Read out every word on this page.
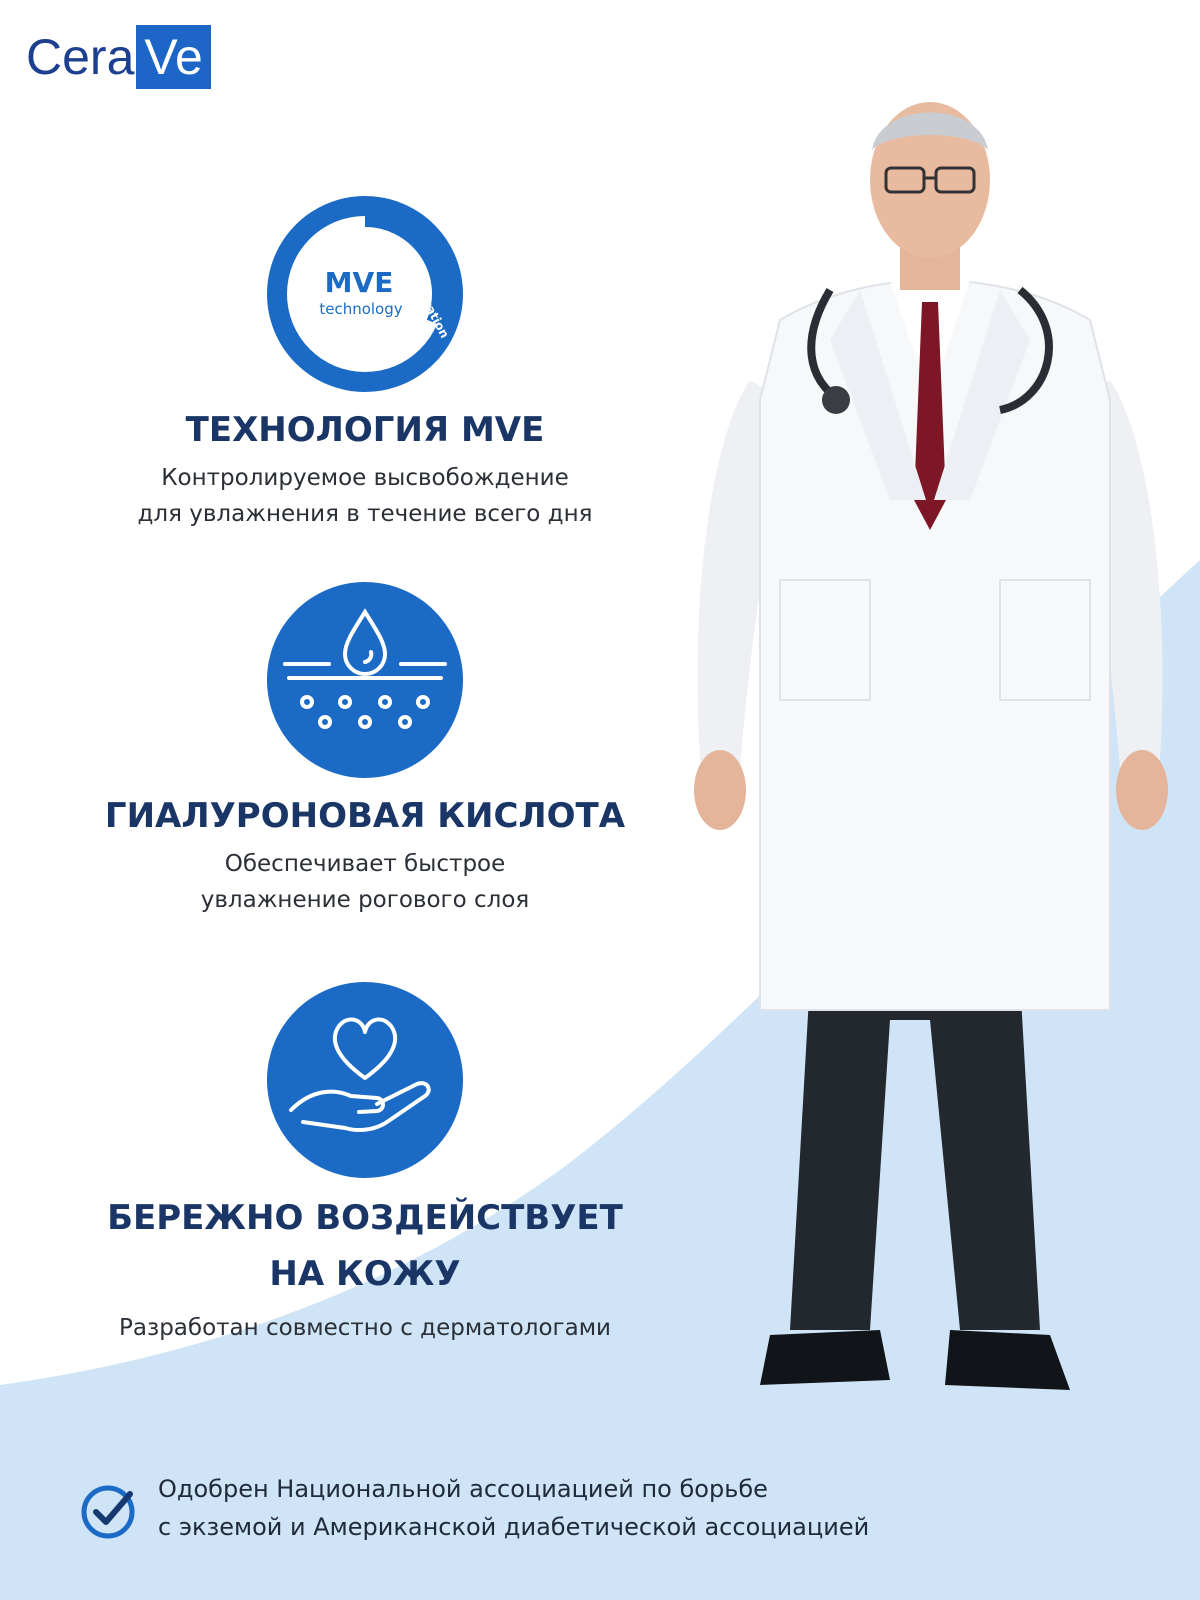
Cera Ve
All day hydration
MVE
technology

ТЕХНОЛОГИЯ MVE

Контролируемое высвобождение

для увлажнения в течение всего дня

ГИАЛУРОНОВАЯ КИСЛОТА

Обеспечивает быстрое

увлажнение рогового слоя

БЕРЕЖНО ВОЗДЕЙСТВУЕТ

НА КОЖУ

Разработан совместно с дерматологами

Одобрен Национальной ассоциацией по борьбе
с экземой и Американской диабетической ассоциацией
